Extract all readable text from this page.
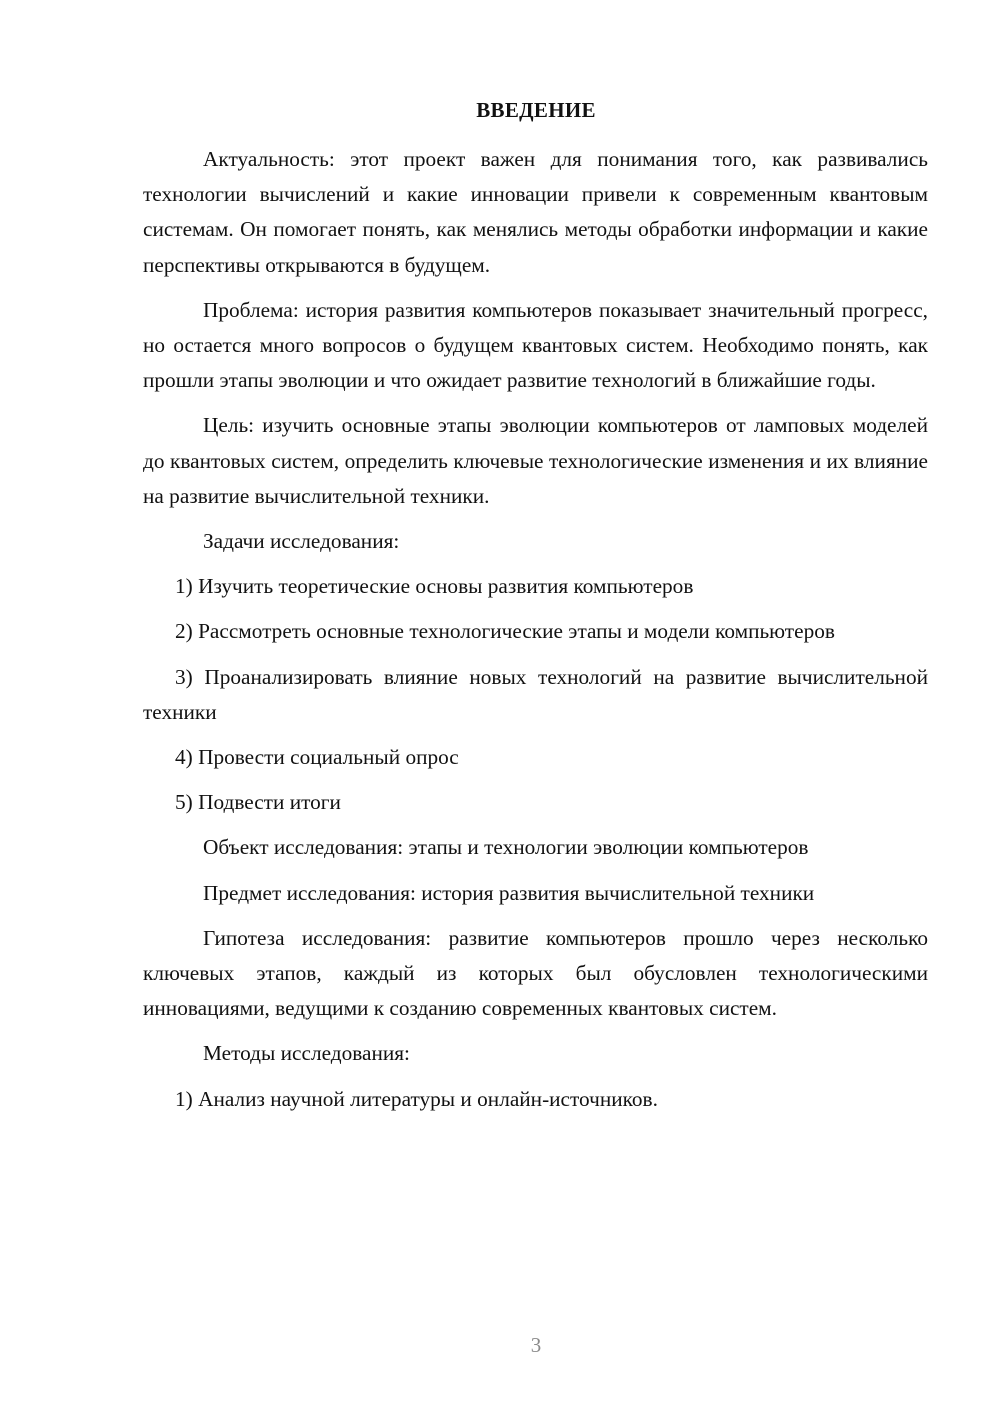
ВВЕДЕНИЕ

Актуальность: этот проект важен для понимания того, как развивались технологии вычислений и какие инновации привели к современным квантовым системам. Он помогает понять, как менялись методы обработки информации и какие перспективы открываются в будущем.

Проблема: история развития компьютеров показывает значительный прогресс, но остается много вопросов о будущем квантовых систем. Необходимо понять, как прошли этапы эволюции и что ожидает развитие технологий в ближайшие годы.

Цель: изучить основные этапы эволюции компьютеров от ламповых моделей до квантовых систем, определить ключевые технологические изменения и их влияние на развитие вычислительной техники.

Задачи исследования:

1) Изучить теоретические основы развития компьютеров

2) Рассмотреть основные технологические этапы и модели компьютеров

3) Проанализировать влияние новых технологий на развитие вычислительной техники

4) Провести социальный опрос

5) Подвести итоги

Объект исследования: этапы и технологии эволюции компьютеров

Предмет исследования: история развития вычислительной техники

Гипотеза исследования: развитие компьютеров прошло через несколько ключевых этапов, каждый из которых был обусловлен технологическими инновациями, ведущими к созданию современных квантовых систем.

Методы исследования:

1) Анализ научной литературы и онлайн-источников.

3
